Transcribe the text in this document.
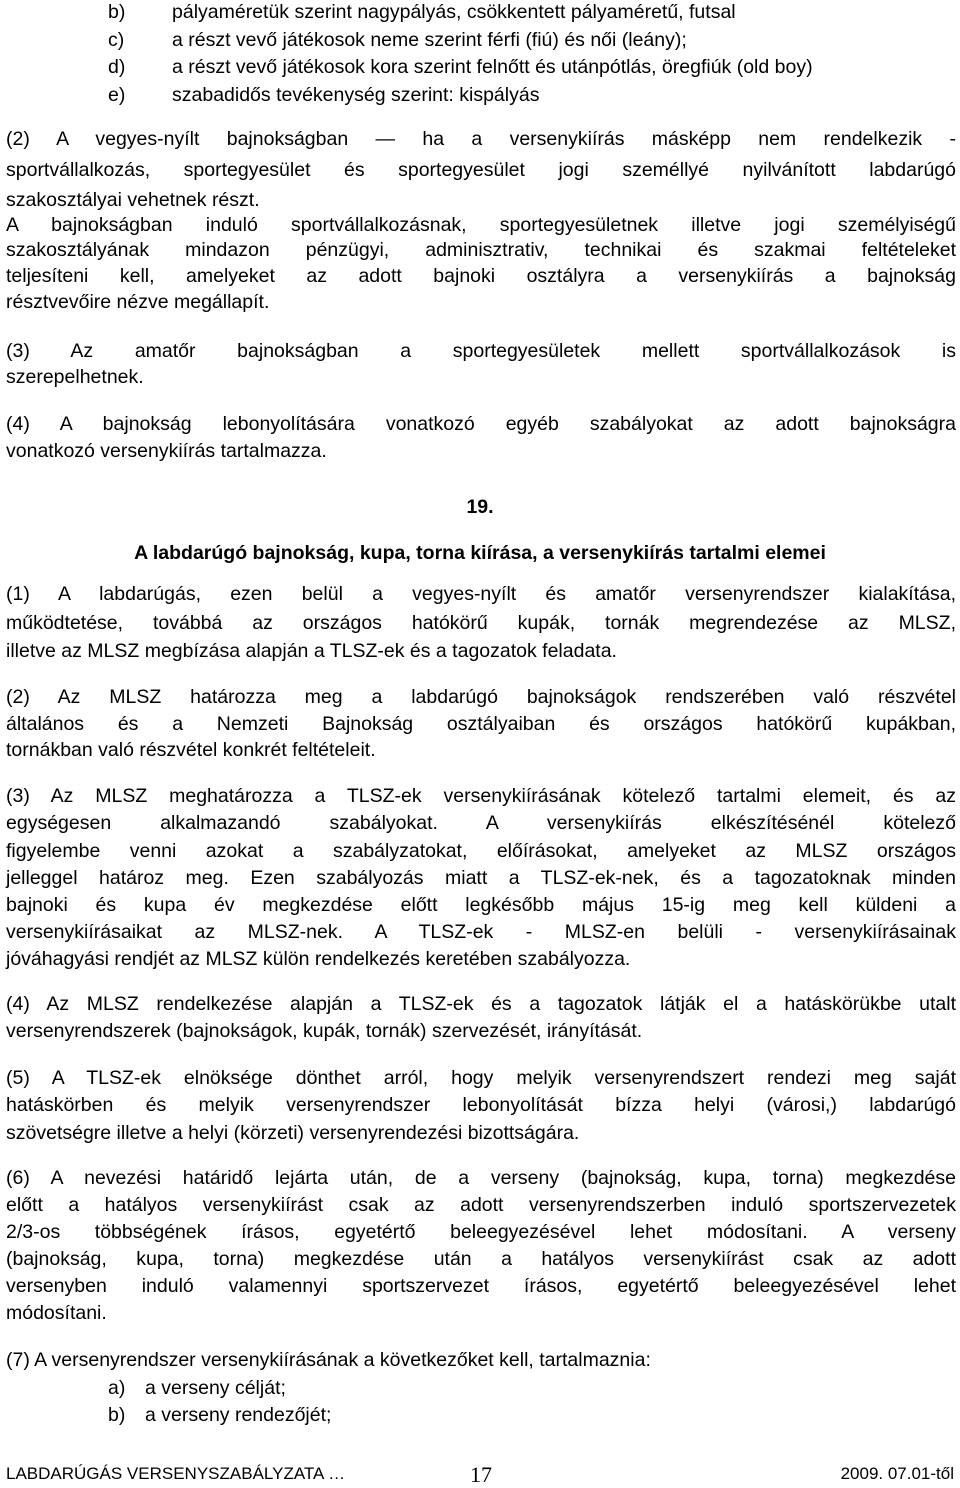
b) pályaméretük szerint nagypályás, csökkentett pályaméretű, futsal
c) a részt vevő játékosok neme szerint férfi (fiú) és női (leány);
d) a részt vevő játékosok kora szerint felnőtt és utánpótlás, öregfiúk (old boy)
e) szabadidős tevékenység szerint: kispályás
(2) A vegyes-nyílt bajnokságban — ha a versenykiírás másképp nem rendelkezik -
sportvállalkozás, sportegyesület és sportegyesület jogi személlyé nyilvánított labdarúgó
szakosztályai vehetnek részt.
A bajnokságban induló sportvállalkozásnak, sportegyesületnek illetve jogi személyiségű
szakosztályának mindazon pénzügyi, adminisztrativ, technikai és szakmai feltételeket
teljesíteni kell, amelyeket az adott bajnoki osztályra a versenykiírás a bajnokság
résztvevőire nézve megállapít.
(3) Az amatőr bajnokságban a sportegyesületek mellett sportvállalkozások is
szerepelhetnek.
(4) A bajnokság lebonyolítására vonatkozó egyéb szabályokat az adott bajnokságra
vonatkozó versenykiírás tartalmazza.
19.
A labdarúgó bajnokság, kupa, torna kiírása, a versenykiírás tartalmi elemei
(1) A labdarúgás, ezen belül a vegyes-nyílt és amatőr versenyrendszer kialakítása,
működtetése, továbbá az országos hatókörű kupák, tornák megrendezése az MLSZ,
illetve az MLSZ megbízása alapján a TLSZ-ek és a tagozatok feladata.
(2) Az MLSZ határozza meg a labdarúgó bajnokságok rendszerében való részvétel
általános és a Nemzeti Bajnokság osztályaiban és országos hatókörű kupákban,
tornákban való részvétel konkrét feltételeit.
(3) Az MLSZ meghatározza a TLSZ-ek versenykiírásának kötelező tartalmi elemeit, és az
egységesen alkalmazandó szabályokat. A versenykiírás elkészítésénél kötelező
figyelembe venni azokat a szabályzatokat, előírásokat, amelyeket az MLSZ országos
jelleggel határoz meg. Ezen szabályozás miatt a TLSZ-ek-nek, és a tagozatoknak minden
bajnoki és kupa év megkezdése előtt legkésőbb május 15-ig meg kell küldeni a
versenykiírásaikat az MLSZ-nek. A TLSZ-ek - MLSZ-en belüli - versenykiírásainak
jóváhagyási rendjét az MLSZ külön rendelkezés keretében szabályozza.
(4) Az MLSZ rendelkezése alapján a TLSZ-ek és a tagozatok látják el a hatáskörükbe utalt
versenyrendszerek (bajnokságok, kupák, tornák) szervezését, irányítását.
(5) A TLSZ-ek elnöksége dönthet arról, hogy melyik versenyrendszert rendezi meg saját
hatáskörben és melyik versenyrendszer lebonyolítását bízza helyi (városi,) labdarúgó
szövetségre illetve a helyi (körzeti) versenyrendezési bizottságára.
(6) A nevezési határidő lejárta után, de a verseny (bajnokság, kupa, torna) megkezdése
előtt a hatályos versenykiírást csak az adott versenyrendszerben induló sportszervezetek
2/3-os többségének írásos, egyetértő beleegyezésével lehet módosítani. A verseny
(bajnokság, kupa, torna) megkezdése után a hatályos versenykiírást csak az adott
versenyben induló valamennyi sportszervezet írásos, egyetértő beleegyezésével lehet
módosítani.
(7) A versenyrendszer versenykiírásának a következőket kell, tartalmaznia:
a) a verseny célját;
b) a verseny rendezőjét;
LABDARÚGÁS VERSENYSZABÁLYZATA …	17	2009. 07.01-től
